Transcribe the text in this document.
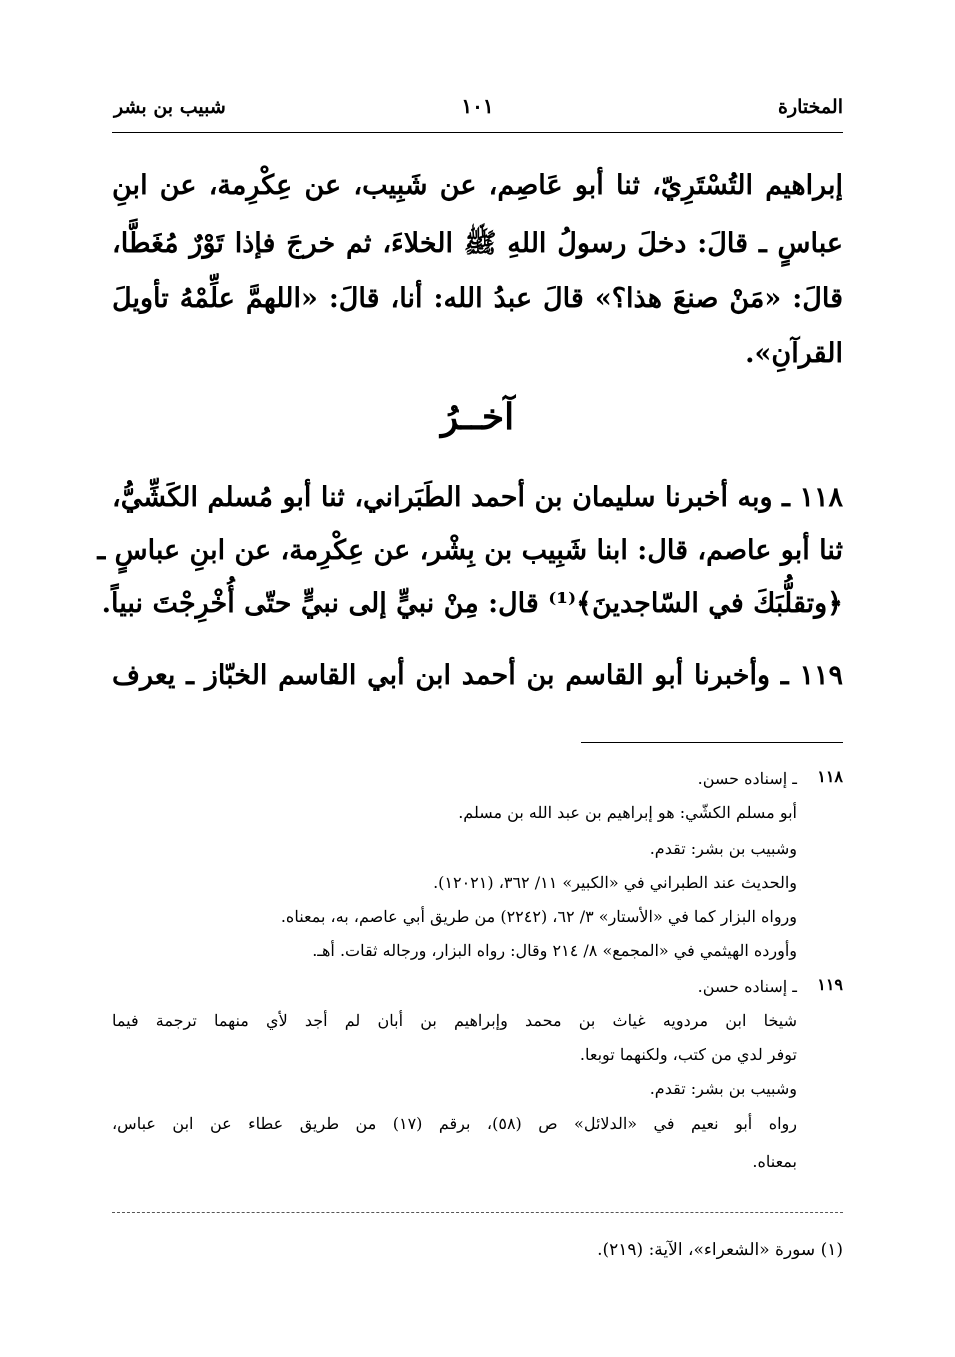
المختارة
١٠١
شبيب بن بشر
إبراهيم التُسْتَرِيّ، ثنا أبو عَاصِم، عن شَبِيب، عن عِكْرِمة، عن ابنِ
عباسٍ ـ قالَ: دخلَ رسولُ اللهِ ﷺ الخلاءَ، ثم خرجَ فإذا تَوْرٌ مُغَطَّا،
قالَ: «مَنْ صنعَ هذا؟» قالَ عبدُ الله: أنا، قالَ: «اللهمَّ علِّمْهُ تأويلَ
القرآنِ».
آخــرُ
١١٨ ـ وبه أخبرنا سليمان بن أحمد الطَبَراني، ثنا أبو مُسلم الكَشِّيُّ،
ثنا أبو عاصم، قال: ابنا شَبِيب بن بِشْر، عن عِكْرِمة، عن ابنِ عباسٍ ـ
﴿وتقلُّبَكَ في السّاجدينَ﴾⁽¹⁾ قال: مِنْ نبيٍّ إلى نبيٍّ حتّى أُخْرِجْتَ نبياً.
١١٩ ـ وأخبرنا أبو القاسم بن أحمد ابن أبي القاسم الخبّاز ـ يعرف
١١٨
ـ إسناده حسن.
أبو مسلم الكشّي: هو إبراهيم بن عبد الله بن مسلم.
وشبيب بن بشر: تقدم.
والحديث عند الطبراني في «الكبير» ١١/ ٣٦٢، (١٢٠٢١).
ورواه البزار كما في «الأستار» ٣/ ٦٢، (٢٢٤٢) من طريق أبي عاصم، به، بمعناه.
وأورده الهيثمي في «المجمع» ٨/ ٢١٤ وقال: رواه البزار، ورجاله ثقات. أهـ.
١١٩
ـ إسناده حسن.
شيخا ابن مردويه غياث بن محمد وإبراهيم بن أبان لم أجد لأي منهما ترجمة فيما
توفر لدي من كتب، ولكنهما توبعا.
وشبيب بن بشر: تقدم.
رواه أبو نعيم في «الدلائل» ص (٥٨)، برقم (١٧) من طريق عطاء عن ابن عباس،
بمعناه.
(١) سورة «الشعراء»، الآية: (٢١٩).
